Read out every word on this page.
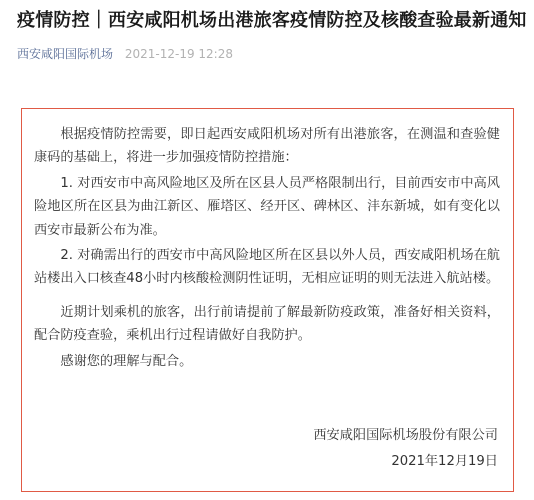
疫情防控｜西安咸阳机场出港旅客疫情防控及核酸查验最新通知
西安咸阳国际机场 2021-12-19 12:28

根据疫情防控需要，即日起西安咸阳机场对所有出港旅客，在测温和查验健康码的基础上，将进一步加强疫情防控措施：

1. 对西安市中高风险地区及所在区县人员严格限制出行，目前西安市中高风险地区所在区县为曲江新区、雁塔区、经开区、碑林区、沣东新城，如有变化以西安市最新公布为准。

2. 对确需出行的西安市中高风险地区所在区县以外人员，西安咸阳机场在航站楼出入口核查48小时内核酸检测阴性证明，无相应证明的则无法进入航站楼。

近期计划乘机的旅客，出行前请提前了解最新防疫政策，准备好相关资料，配合防疫查验，乘机出行过程请做好自我防护。

感谢您的理解与配合。

西安咸阳国际机场股份有限公司
2021年12月19日
